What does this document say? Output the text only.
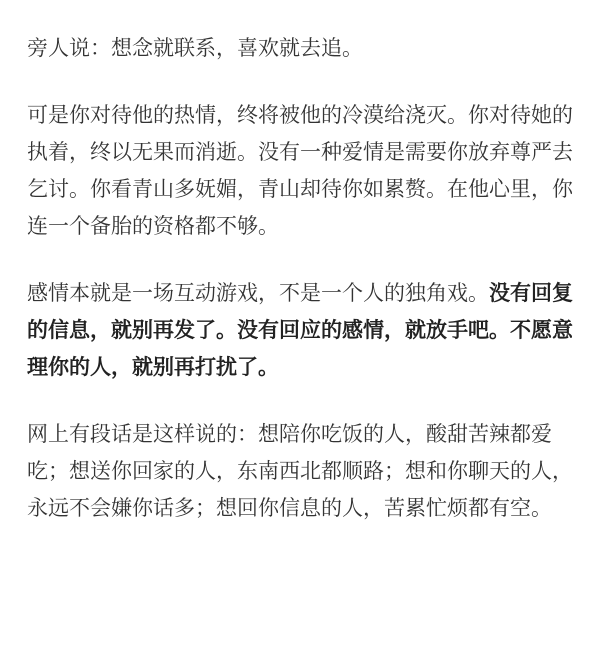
旁人说：想念就联系，喜欢就去追。

可是你对待他的热情，终将被他的冷漠给浇灭。你对待她的
执着，终以无果而消逝。没有一种爱情是需要你放弃尊严去
乞讨。你看青山多妩媚，青山却待你如累赘。在他心里，你
连一个备胎的资格都不够。

感情本就是一场互动游戏，不是一个人的独角戏。没有回复
的信息，就别再发了。没有回应的感情，就放手吧。不愿意
理你的人，就别再打扰了。

网上有段话是这样说的：想陪你吃饭的人，酸甜苦辣都爱
吃；想送你回家的人，东南西北都顺路；想和你聊天的人，
永远不会嫌你话多；想回你信息的人，苦累忙烦都有空。
